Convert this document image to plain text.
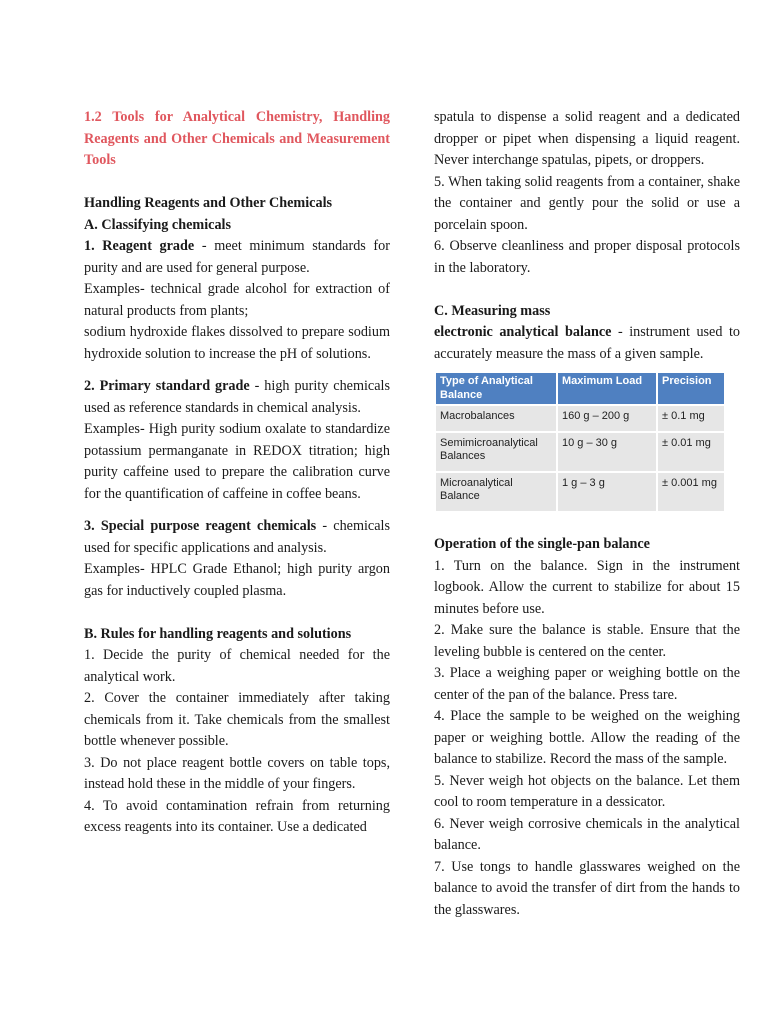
1.2 Tools for Analytical Chemistry, Handling Reagents and Other Chemicals and Measurement Tools

Handling Reagents and Other Chemicals

A. Classifying chemicals

1. Reagent grade - meet minimum standards for purity and are used for general purpose.

Examples- technical grade alcohol for extraction of natural products from plants;

sodium hydroxide flakes dissolved to prepare sodium hydroxide solution to increase the pH of solutions.

2. Primary standard grade - high purity chemicals used as reference standards in chemical analysis.

Examples- High purity sodium oxalate to standardize potassium permanganate in REDOX titration; high purity caffeine used to prepare the calibration curve for the quantification of caffeine in coffee beans.

3. Special purpose reagent chemicals - chemicals used for specific applications and analysis.

Examples- HPLC Grade Ethanol; high purity argon gas for inductively coupled plasma.

B. Rules for handling reagents and solutions

1. Decide the purity of chemical needed for the analytical work.

2. Cover the container immediately after taking chemicals from it. Take chemicals from the smallest bottle whenever possible.

3. Do not place reagent bottle covers on table tops, instead hold these in the middle of your fingers.

4. To avoid contamination refrain from returning excess reagents into its container. Use a dedicated

spatula to dispense a solid reagent and a dedicated dropper or pipet when dispensing a liquid reagent. Never interchange spatulas, pipets, or droppers.

5. When taking solid reagents from a container, shake the container and gently pour the solid or use a porcelain spoon.

6. Observe cleanliness and proper disposal protocols in the laboratory.

C. Measuring mass

electronic analytical balance - instrument used to accurately measure the mass of a given sample.

Type of Analytical Balance	Maximum Load	Precision
Macrobalances	160 g – 200 g	± 0.1 mg
Semimicroanalytical Balances	10 g – 30 g	± 0.01 mg
Microanalytical Balance	1 g – 3 g	± 0.001 mg

Operation of the single-pan balance

1. Turn on the balance. Sign in the instrument logbook. Allow the current to stabilize for about 15 minutes before use.

2. Make sure the balance is stable. Ensure that the leveling bubble is centered on the center.

3. Place a weighing paper or weighing bottle on the center of the pan of the balance. Press tare.

4. Place the sample to be weighed on the weighing paper or weighing bottle. Allow the reading of the balance to stabilize. Record the mass of the sample.

5. Never weigh hot objects on the balance. Let them cool to room temperature in a dessicator.

6. Never weigh corrosive chemicals in the analytical balance.

7. Use tongs to handle glasswares weighed on the balance to avoid the transfer of dirt from the hands to the glasswares.
